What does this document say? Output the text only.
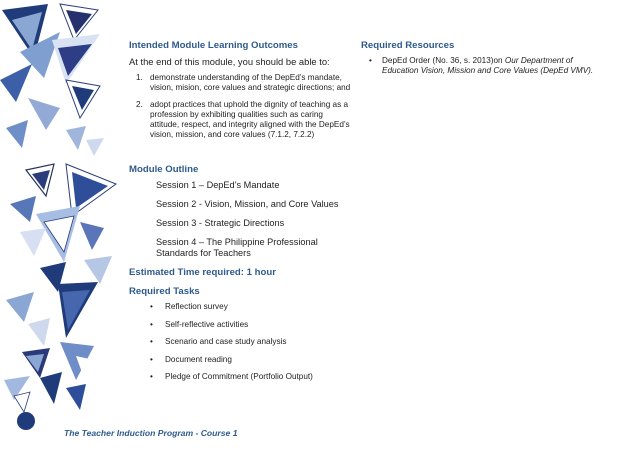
Intended Module Learning Outcomes

At the end of this module, you should be able to:

1. demonstrate understanding of the DepEd’s mandate, vision, mision, core values and strategic directions; and
2. adopt practices that uphold the dignity of teaching as a profession by exhibiting qualities such as caring attitude, respect, and integrity aligned with the DepEd’s vision, mission, and core values (7.1.2, 7.2.2)

Module Outline

Session 1 – DepEd’s Mandate
Session 2 - Vision, Mission, and Core Values
Session 3 - Strategic Directions
Session 4 – The Philippine Professional Standards for Teachers

Estimated Time required: 1 hour

Required Tasks

• Reflection survey
• Self-reflective activities
• Scenario and case study analysis
• Document reading
• Pledge of Commitment (Portfolio Output)

Required Resources

• DepEd Order (No. 36, s. 2013)on Our Department of Education Vision, Mission and Core Values (DepEd VMV).
The Teacher Induction Program - Course 1
